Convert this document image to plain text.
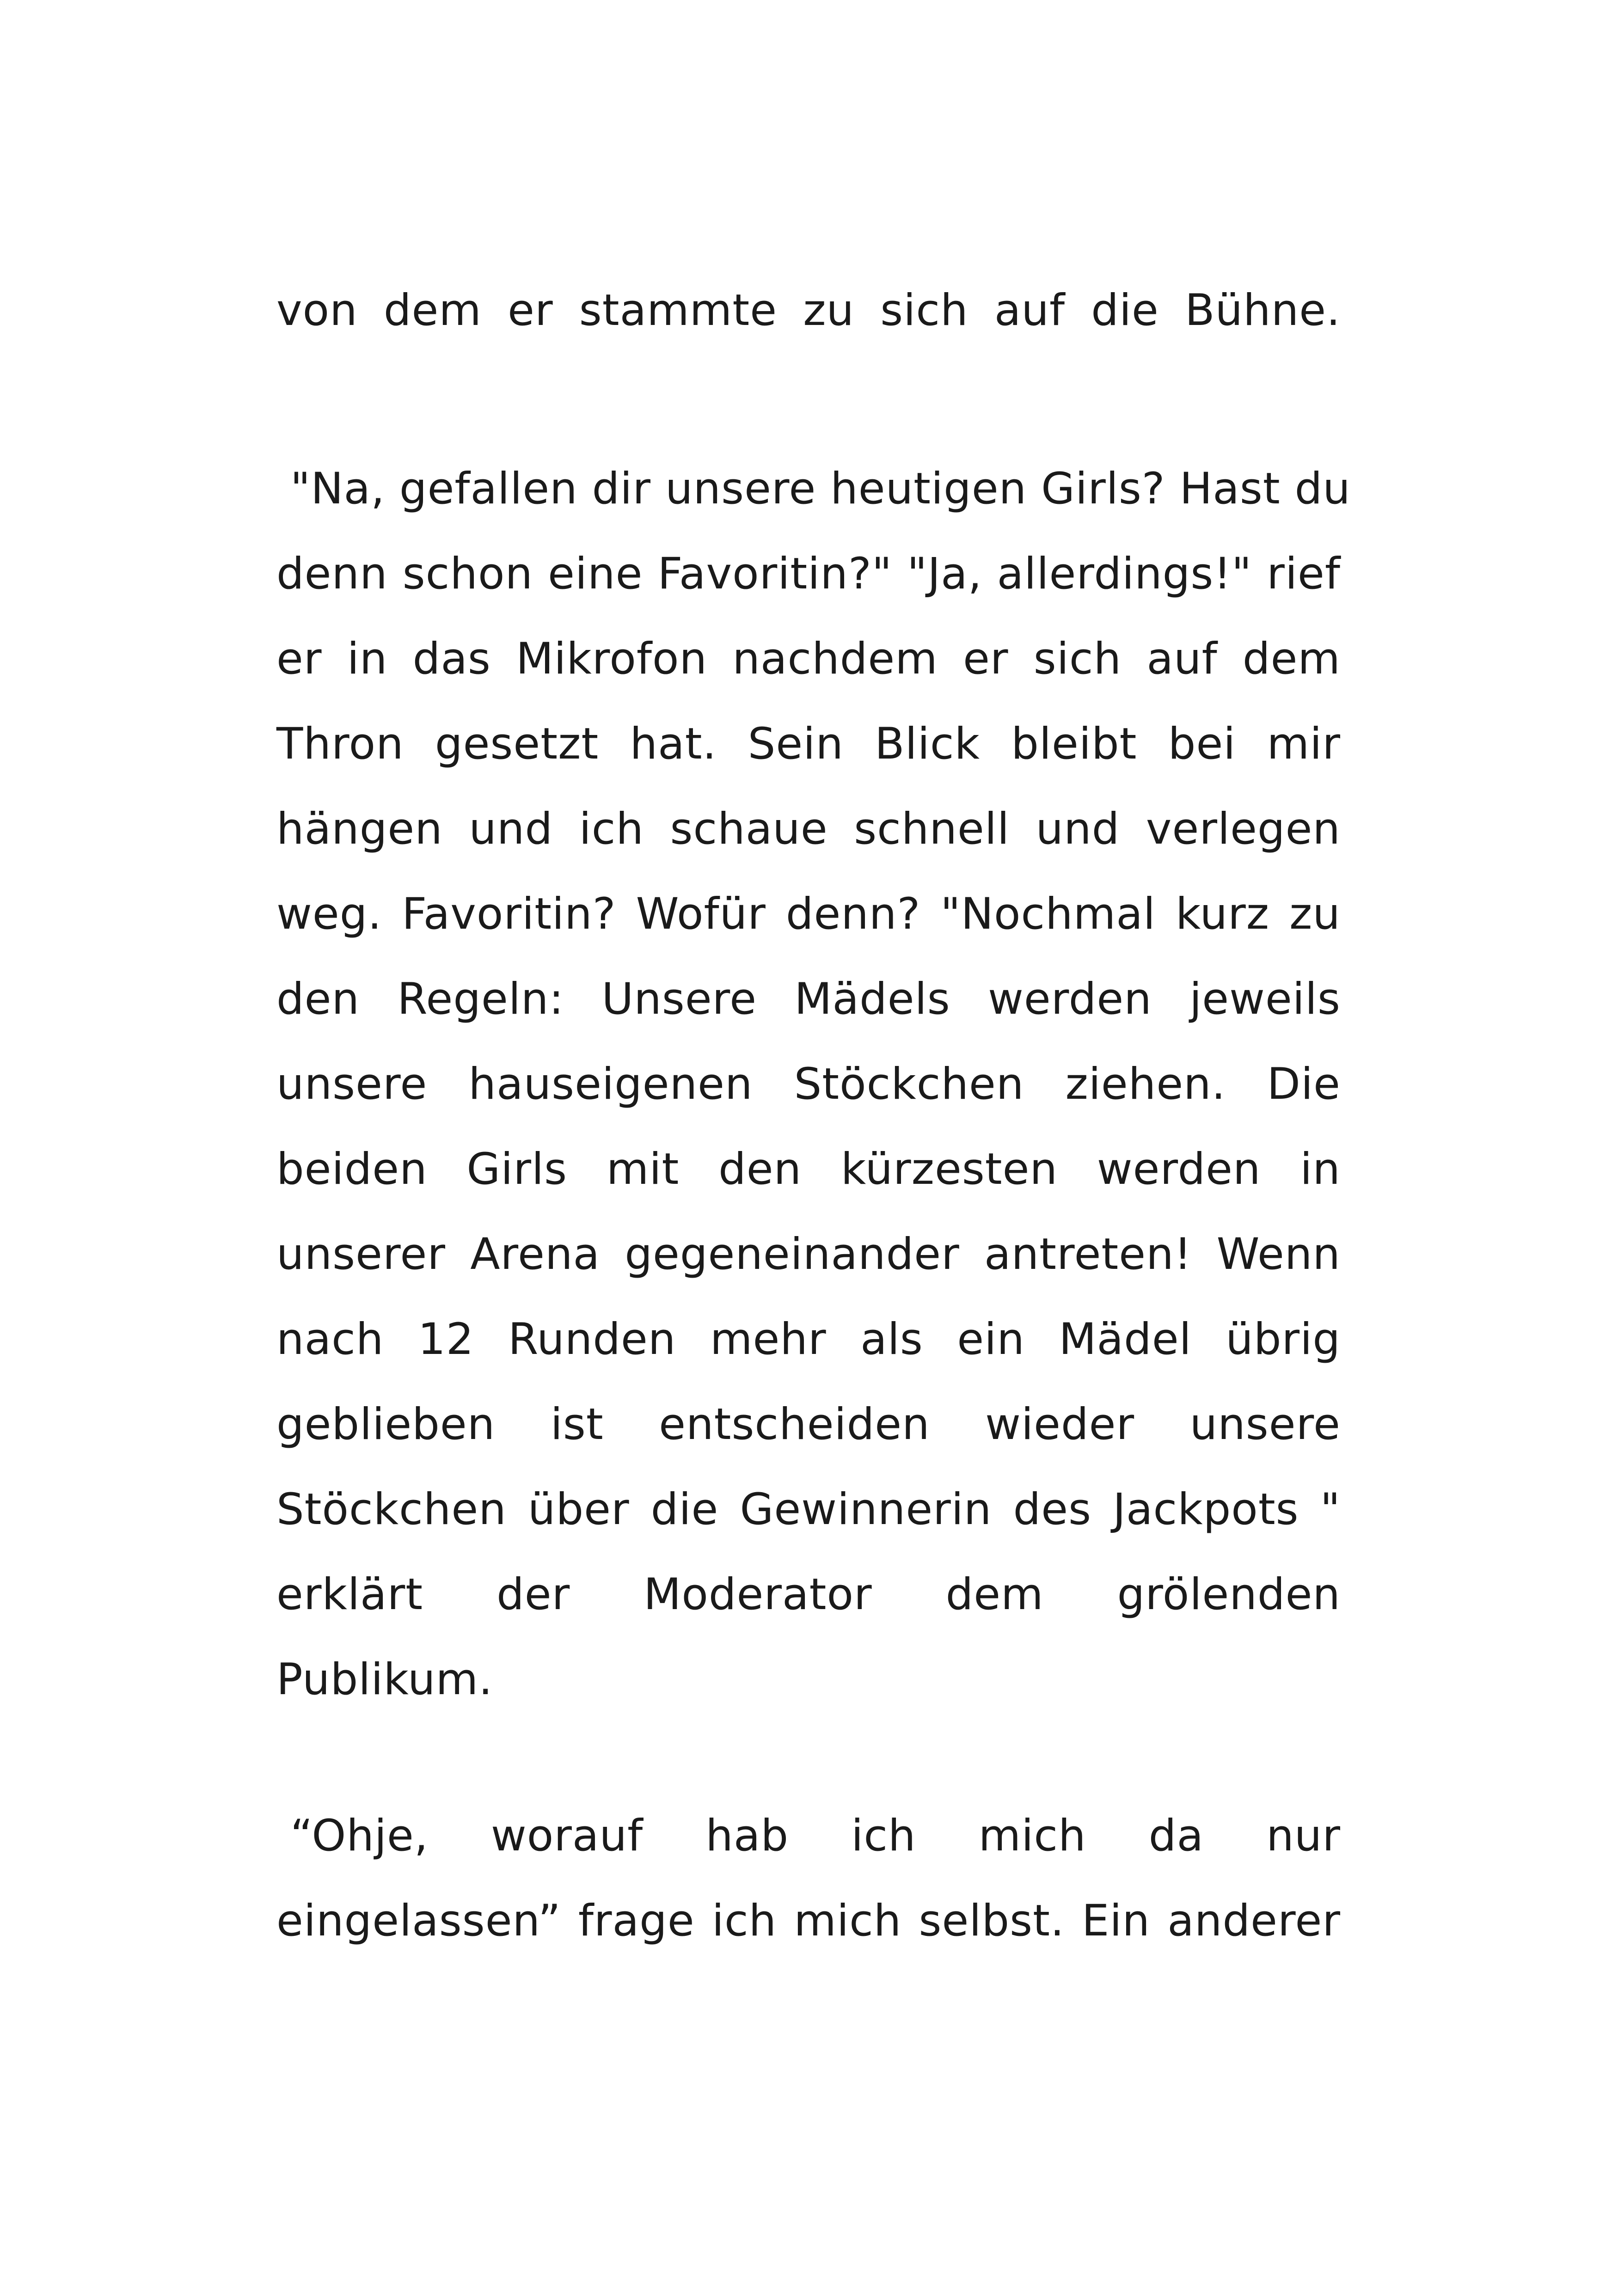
von dem er stammte zu sich auf die Bühne.
"Na, gefallen dir unsere heutigen Girls? Hast du
denn schon eine Favoritin?" "Ja, allerdings!" rief
er in das Mikrofon nachdem er sich auf dem
Thron gesetzt hat. Sein Blick bleibt bei mir
hängen und ich schaue schnell und verlegen
weg. Favoritin? Wofür denn? "Nochmal kurz zu
den Regeln: Unsere Mädels werden jeweils
unsere hauseigenen Stöckchen ziehen. Die
beiden Girls mit den kürzesten werden in
unserer Arena gegeneinander antreten! Wenn
nach 12 Runden mehr als ein Mädel übrig
geblieben ist entscheiden wieder unsere
Stöckchen über die Gewinnerin des Jackpots "
erklärt der Moderator dem grölenden
Publikum.
“Ohje, worauf hab ich mich da nur
eingelassen” frage ich mich selbst. Ein anderer
